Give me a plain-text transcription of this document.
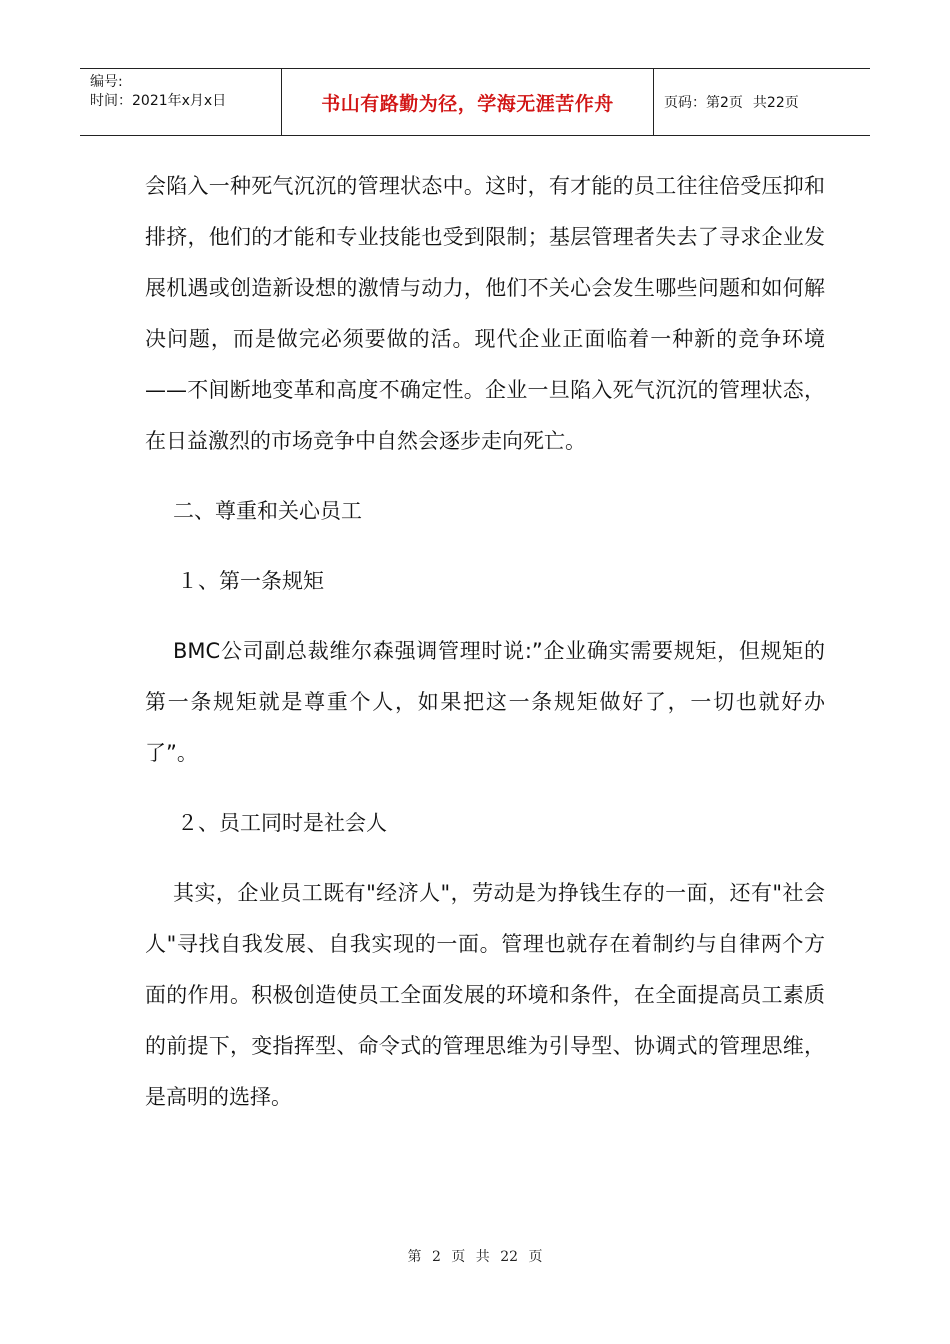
编号:
时间：2021年x月x日	书山有路勤为径，学海无涯苦作舟	页码：第2页 共22页

会陷入一种死气沉沉的管理状态中。这时，有才能的员工往往倍受压抑和排挤，他们的才能和专业技能也受到限制；基层管理者失去了寻求企业发展机遇或创造新设想的激情与动力，他们不关心会发生哪些问题和如何解决问题，而是做完必须要做的活。现代企业正面临着一种新的竞争环境——不间断地变革和高度不确定性。企业一旦陷入死气沉沉的管理状态，在日益激烈的市场竞争中自然会逐步走向死亡。

二、尊重和关心员工

１、第一条规矩

BMC公司副总裁维尔森强调管理时说:”企业确实需要规矩，但规矩的第一条规矩就是尊重个人，如果把这一条规矩做好了，一切也就好办了”。

２、员工同时是社会人

其实，企业员工既有"经济人"，劳动是为挣钱生存的一面，还有"社会人"寻找自我发展、自我实现的一面。管理也就存在着制约与自律两个方面的作用。积极创造使员工全面发展的环境和条件，在全面提高员工素质的前提下，变指挥型、命令式的管理思维为引导型、协调式的管理思维，是高明的选择。

第 2 页 共 22 页
